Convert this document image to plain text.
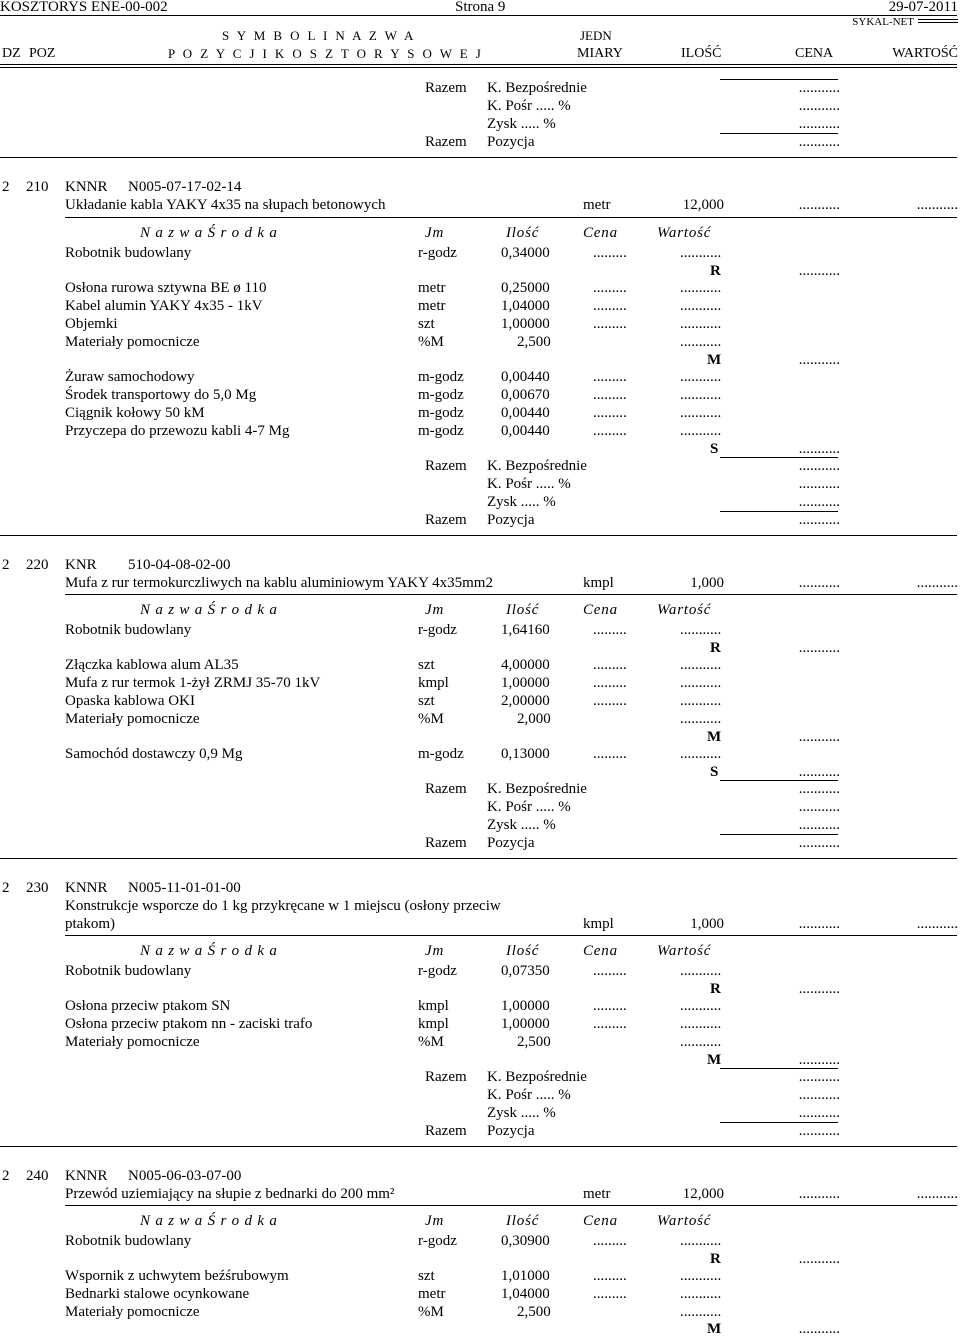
KOSZTORYS ENE-00-002	Strona 9	29-07-2011
SYKAL-NET
S Y M B O L I N A Z W A	JEDN
DZ POZ	P O Z Y C J I K O S Z T O R Y S O W E J	MIARY	ILOŚĆ	CENA	WARTOŚĆ
Razem K. Bezpośrednie	...........
K. Pośr ..... %	...........
Zysk ..... %	...........
Razem Pozycja	...........
2 210 KNNR N005-07-17-02-14
Układanie kabla YAKY 4x35 na słupach betonowych	metr	12,000	...........	...........
N a z w a Ś r o d k a	Jm	Ilość	Cena	Wartość
Robotnik budowlany	r-godz	0,34000	.........	...........
R	...........
Osłona rurowa sztywna BE ø 110	metr	0,25000	.........	...........
Kabel alumin YAKY 4x35 - 1kV	metr	1,04000	.........	...........
Objemki	szt	1,00000	.........	...........
Materiały pomocnicze	%M	2,500	...........
M	...........
Żuraw samochodowy	m-godz 0,00440	.........	...........
Środek transportowy do 5,0 Mg	m-godz 0,00670	.........	...........
Ciągnik kołowy 50 kM	m-godz 0,00440	.........	...........
Przyczepa do przewozu kabli 4-7 Mg	m-godz 0,00440	.........	...........
S	...........
Razem K. Bezpośrednie	...........
K. Pośr ..... %	...........
Zysk ..... %	...........
Razem Pozycja	...........
2 220 KNR 510-04-08-02-00
Mufa z rur termokurczliwych na kablu aluminiowym YAKY 4x35mm2	kmpl	1,000	...........	...........
N a z w a Ś r o d k a	Jm	Ilość	Cena	Wartość
Robotnik budowlany	r-godz	1,64160	.........	...........
R	...........
Złączka kablowa alum AL35	szt	4,00000	.........	...........
Mufa z rur termok 1-żył ZRMJ 35-70 1kV	kmpl	1,00000	.........	...........
Opaska kablowa OKI	szt	2,00000	.........	...........
Materiały pomocnicze	%M	2,000	...........
M	...........
Samochód dostawczy 0,9 Mg	m-godz 0,13000	.........	...........
S	...........
Razem K. Bezpośrednie	...........
K. Pośr ..... %	...........
Zysk ..... %	...........
Razem Pozycja	...........
2 230 KNNR N005-11-01-01-00
Konstrukcje wsporcze do 1 kg przykręcane w 1 miejscu (osłony przeciw
ptakom)	kmpl	1,000	...........	...........
N a z w a Ś r o d k a	Jm	Ilość	Cena	Wartość
Robotnik budowlany	r-godz	0,07350	.........	...........
R	...........
Osłona przeciw ptakom SN	kmpl	1,00000	.........	...........
Osłona przeciw ptakom nn - zaciski trafo	kmpl	1,00000	.........	...........
Materiały pomocnicze	%M	2,500	...........
M	...........
Razem K. Bezpośrednie	...........
K. Pośr ..... %	...........
Zysk ..... %	...........
Razem Pozycja	...........
2 240 KNNR N005-06-03-07-00
Przewód uziemiający na słupie z bednarki do 200 mm²	metr	12,000	...........	...........
N a z w a Ś r o d k a	Jm	Ilość	Cena	Wartość
Robotnik budowlany	r-godz	0,30900	.........	...........
R	...........
Wspornik z uchwytem beźśrubowym	szt	1,01000	.........	...........
Bednarki stalowe ocynkowane	metr	1,04000	.........	...........
Materiały pomocnicze	%M	2,500	...........
M	...........
